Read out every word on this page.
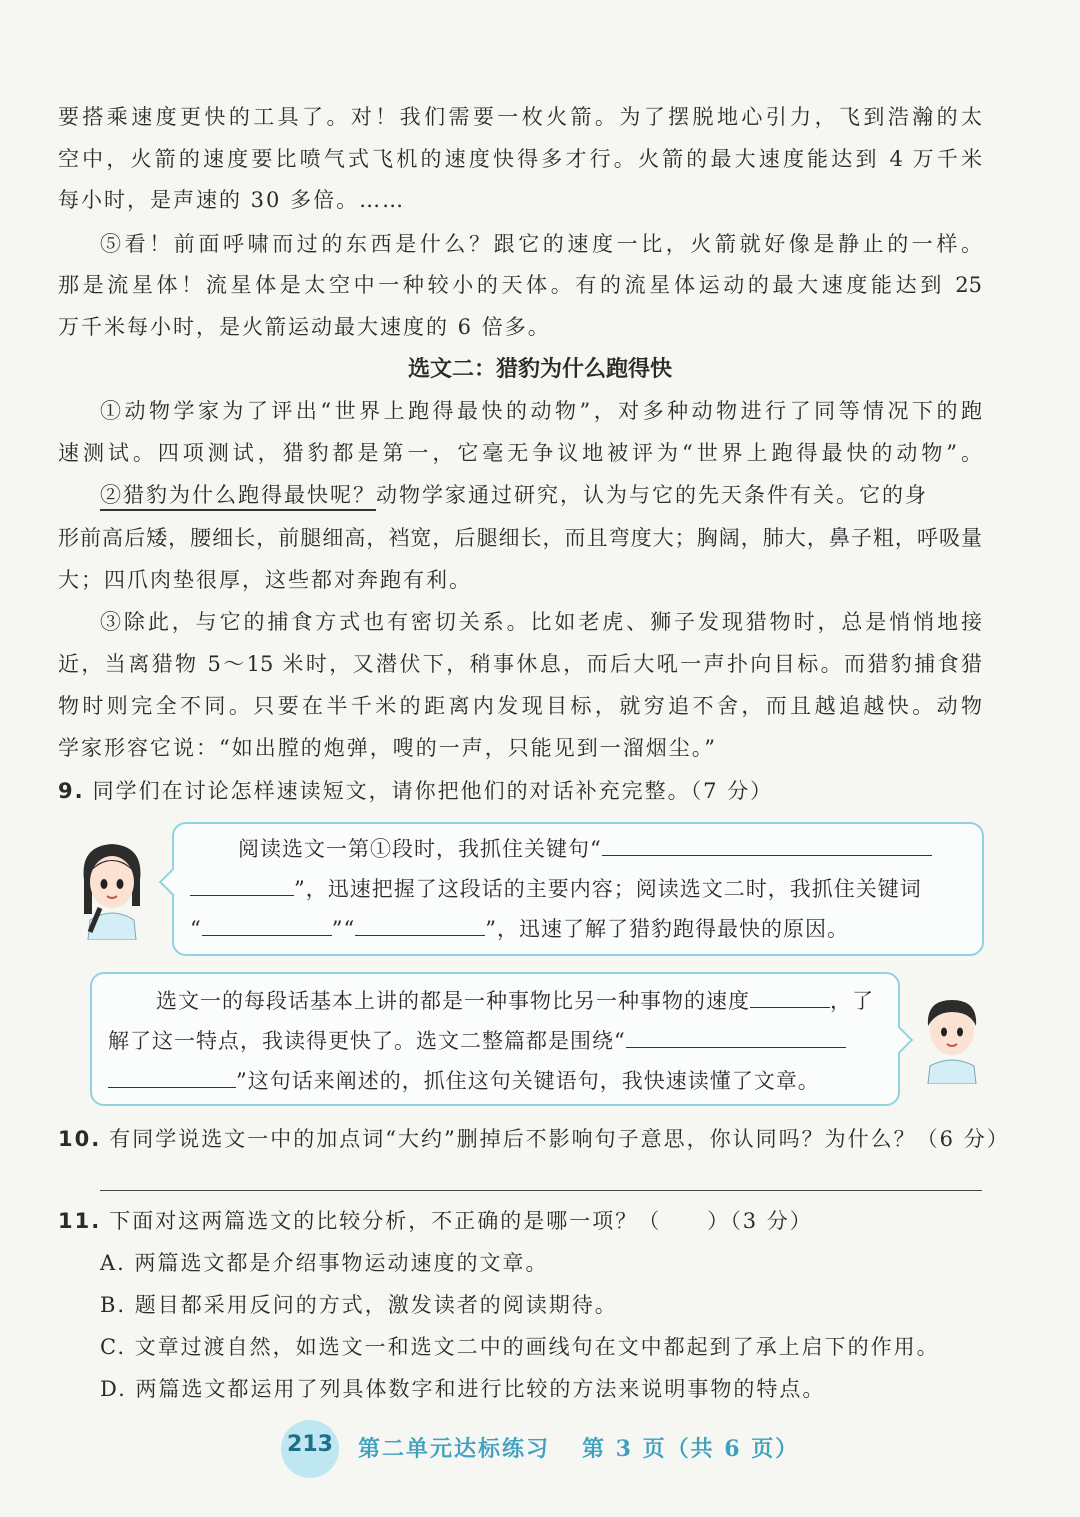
要搭乘速度更快的工具了。对！我们需要一枚火箭。为了摆脱地心引力，飞到浩瀚的太
空中，火箭的速度要比喷气式飞机的速度快得多才行。火箭的最大速度能达到 4 万千米
每小时，是声速的 30 多倍。……
⑤看！前面呼啸而过的东西是什么？跟它的速度一比，火箭就好像是静止的一样。
那是流星体！流星体是太空中一种较小的天体。有的流星体运动的最大速度能达到 25
万千米每小时，是火箭运动最大速度的 6 倍多。
选文二：猎豹为什么跑得快
①动物学家为了评出“世界上跑得最快的动物”，对多种动物进行了同等情况下的跑
速测试。四项测试，猎豹都是第一，它毫无争议地被评为“世界上跑得最快的动物”。
②猎豹为什么跑得最快呢？动物学家通过研究，认为与它的先天条件有关。它的身
形前高后矮，腰细长，前腿细高，裆宽，后腿细长，而且弯度大；胸阔，肺大，鼻子粗，呼吸量
大；四爪肉垫很厚，这些都对奔跑有利。
③除此，与它的捕食方式也有密切关系。比如老虎、狮子发现猎物时，总是悄悄地接
近，当离猎物 5～15 米时，又潜伏下，稍事休息，而后大吼一声扑向目标。而猎豹捕食猎
物时则完全不同。只要在半千米的距离内发现目标，就穷追不舍，而且越追越快。动物
学家形容它说：“如出膛的炮弹，嗖的一声，只能见到一溜烟尘。”
9. 同学们在讨论怎样速读短文，请你把他们的对话补充完整。（7 分）
阅读选文一第①段时，我抓住关键句“
”，迅速把握了这段话的主要内容；阅读选文二时，我抓住关键词
“	”“	”，迅速了解了猎豹跑得最快的原因。
选文一的每段话基本上讲的都是一种事物比另一种事物的速度	，了
解了这一特点，我读得更快了。选文二整篇都是围绕“
”这句话来阐述的，抓住这句关键语句，我快速读懂了文章。
10. 有同学说选文一中的加点词“大约”删掉后不影响句子意思，你认同吗？为什么？（6 分）
11. 下面对这两篇选文的比较分析，不正确的是哪一项？（　　）（3 分）
A. 两篇选文都是介绍事物运动速度的文章。
B. 题目都采用反问的方式，激发读者的阅读期待。
C. 文章过渡自然，如选文一和选文二中的画线句在文中都起到了承上启下的作用。
D. 两篇选文都运用了列具体数字和进行比较的方法来说明事物的特点。
213 第二单元达标练习 第 3 页（共 6 页）
